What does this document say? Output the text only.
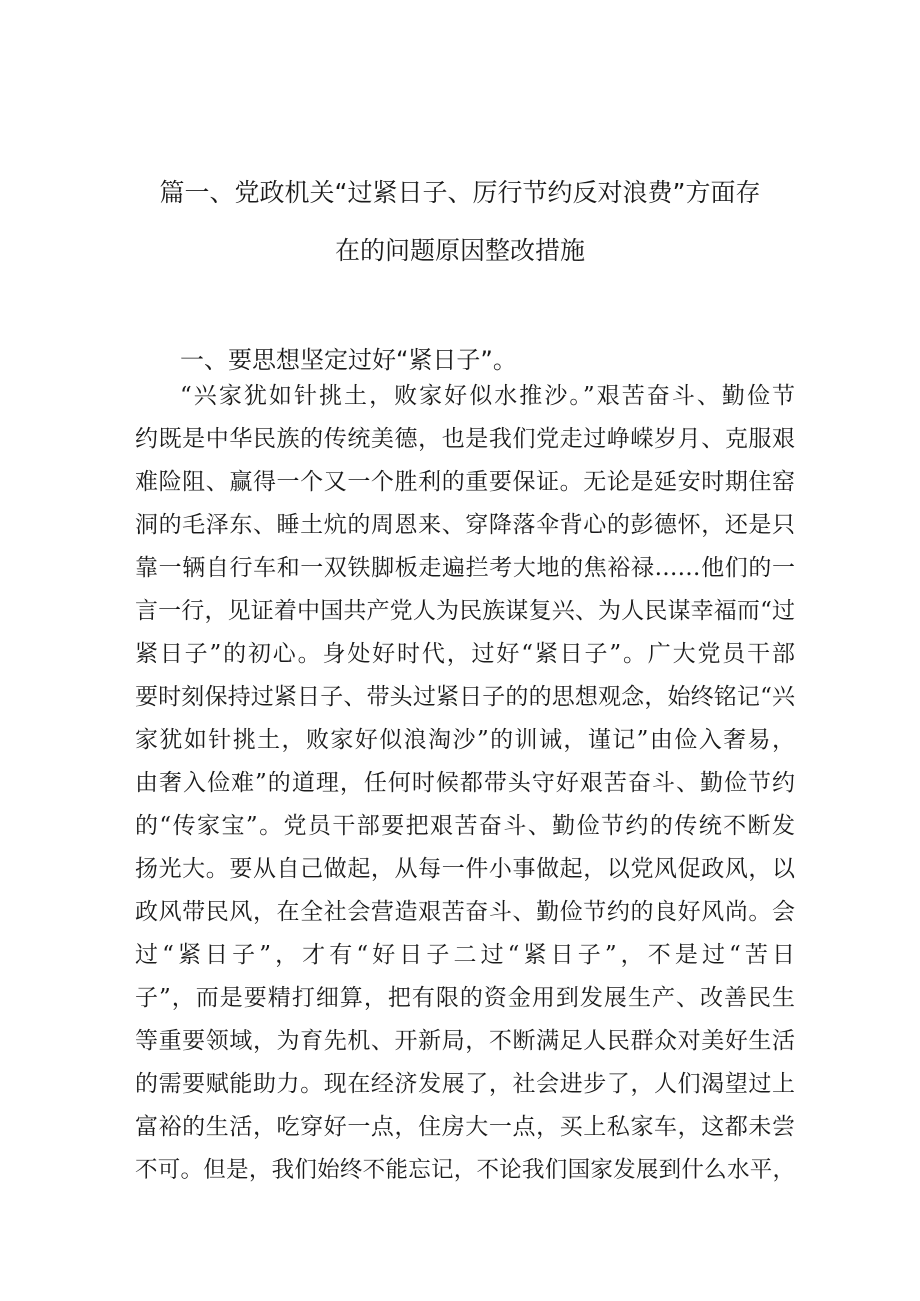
篇一、党政机关“过紧日子、厉行节约反对浪费”方面存
在的问题原因整改措施
一、要思想坚定过好“紧日子”。
“兴家犹如针挑土，败家好似水推沙。”艰苦奋斗、勤俭节
约既是中华民族的传统美德，也是我们党走过峥嵘岁月、克服艰
难险阻、赢得一个又一个胜利的重要保证。无论是延安时期住窑
洞的毛泽东、睡土炕的周恩来、穿降落伞背心的彭德怀，还是只
靠一辆自行车和一双铁脚板走遍拦考大地的焦裕禄……他们的一
言一行，见证着中国共产党人为民族谋复兴、为人民谋幸福而“过
紧日子”的初心。身处好时代，过好“紧日子”。广大党员干部
要时刻保持过紧日子、带头过紧日子的的思想观念，始终铭记“兴
家犹如针挑土，败家好似浪淘沙”的训诫，谨记”由俭入奢易，
由奢入俭难”的道理，任何时候都带头守好艰苦奋斗、勤俭节约
的“传家宝”。党员干部要把艰苦奋斗、勤俭节约的传统不断发
扬光大。要从自己做起，从每一件小事做起，以党风促政风，以
政风带民风，在全社会营造艰苦奋斗、勤俭节约的良好风尚。会
过“紧日子”，才有“好日子二过“紧日子”，不是过“苦日
子”，而是要精打细算，把有限的资金用到发展生产、改善民生
等重要领域，为育先机、开新局，不断满足人民群众对美好生活
的需要赋能助力。现在经济发展了，社会进步了，人们渴望过上
富裕的生活，吃穿好一点，住房大一点，买上私家车，这都未尝
不可。但是，我们始终不能忘记，不论我们国家发展到什么水平，
